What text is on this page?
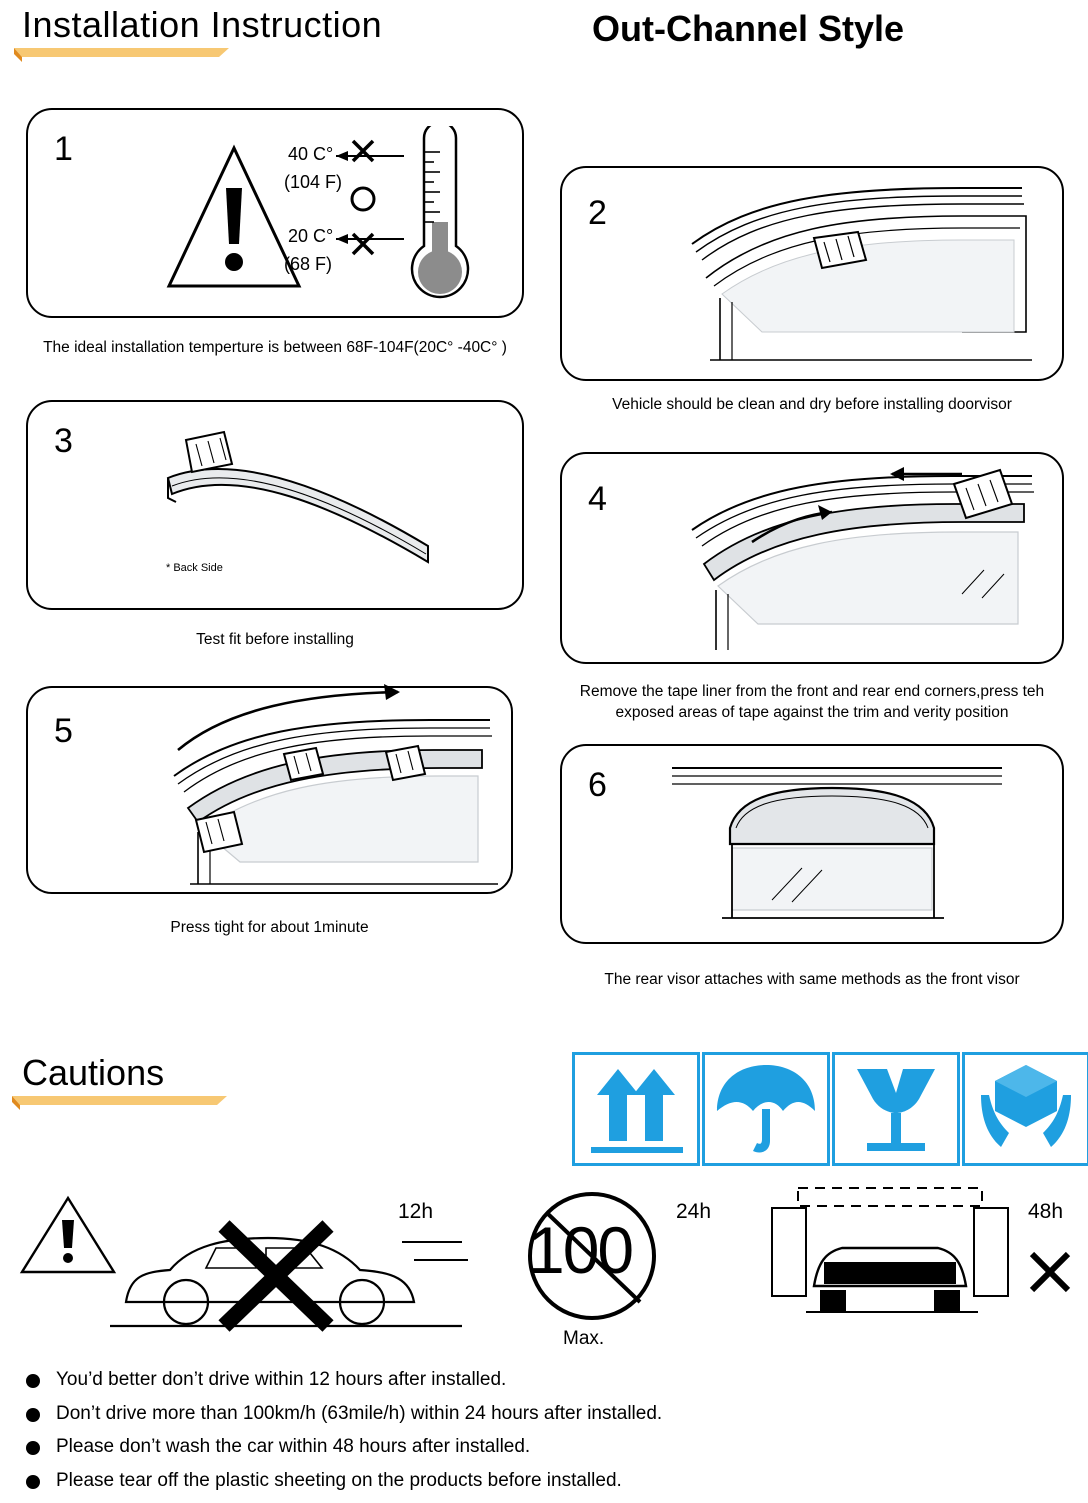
Installation Instruction	Out-Channel Style
1	40 C°
(104 F)
20 C°
(68 F)
The ideal installation temperture is between 68F-104F(20C° -40C° )
2
Vehicle should be clean and dry before installing doorvisor
3
* Back Side
Test fit before installing
4
Remove the tape liner from the front and rear end corners,press teh exposed areas of tape against the trim and verity position
5
Press tight for about 1minute
6
The rear visor attaches with same methods as the front visor
Cautions
12h
100
Max.
24h	48h
You’d better don’t drive within 12 hours after installed.
Don’t drive more than 100km/h (63mile/h) within 24 hours after installed.
Please don’t wash the car within 48 hours after installed.
Please tear off the plastic sheeting on the products before installed.
